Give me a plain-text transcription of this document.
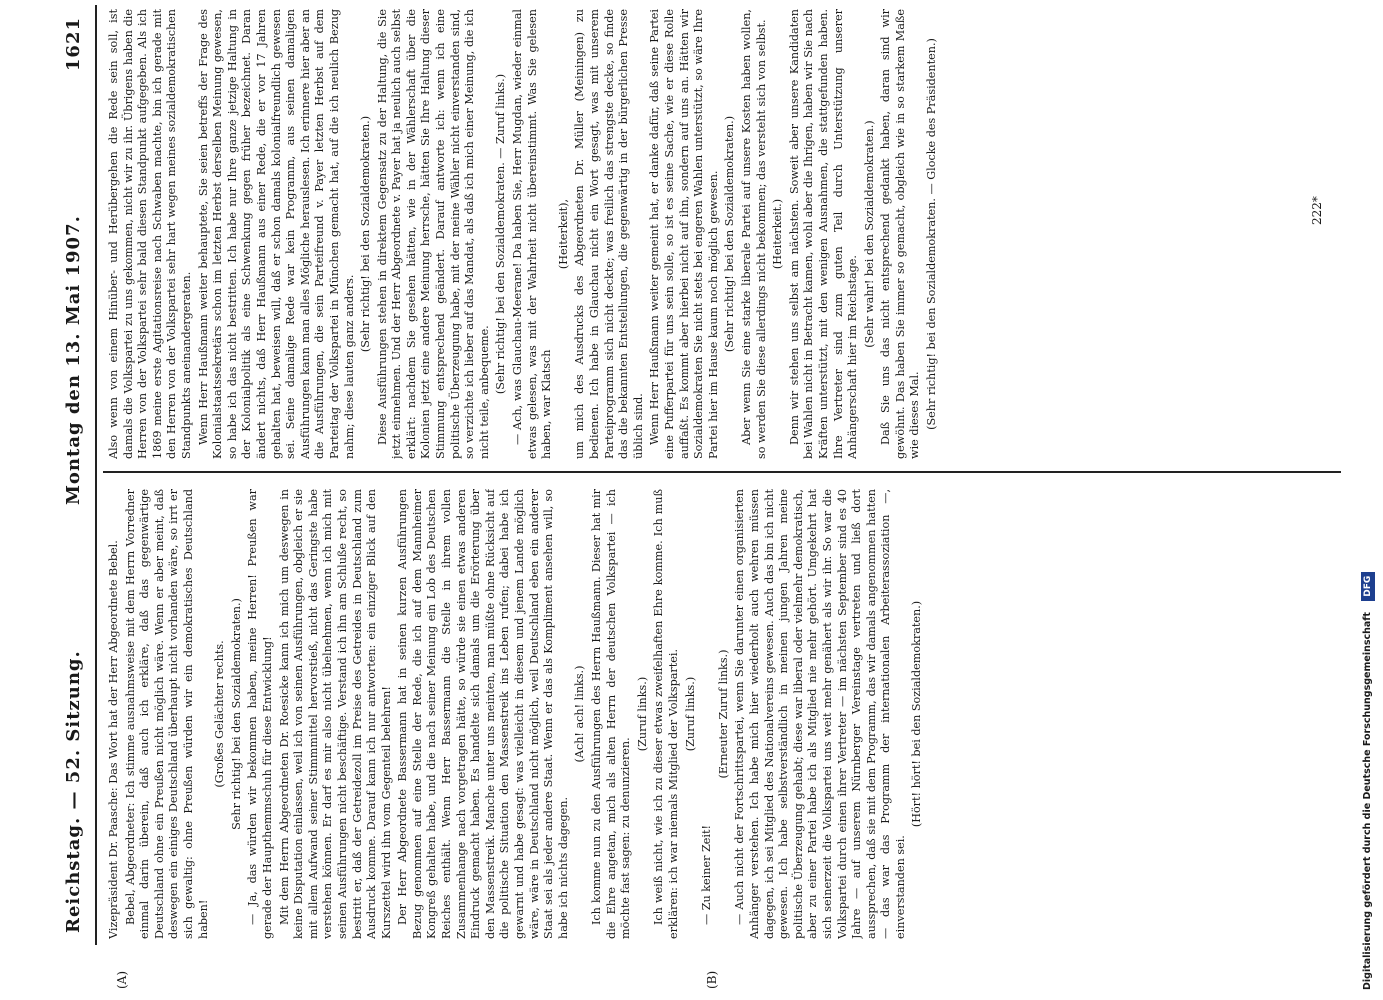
Reichstag. — 52. Sitzung.
Montag den 13. Mai 1907.
1621

Vizepräsident Dr. Paasche: Das Wort hat der Herr Abgeordnete Bebel. Bebel, Abgeordneter: Ich stimme ausnahmsweise mit dem Herrn Vorredner einmal darin überein, daß auch ich erkläre, daß das gegenwärtige Deutschland ohne ein Preußen nicht möglich wäre. Wenn er aber meint, daß deswegen ein einiges Deutschland überhaupt nicht vorhanden wäre, so irrt er sich gewaltig: ohne Preußen würden wir ein demokratisches Deutschland haben!

(Großes Gelächter rechts. Sehr richtig! bei den Sozialdemokraten.) — Ja, das würden wir bekommen haben, meine Herren! Preußen war gerade der Haupthemmschuh für diese Entwicklung! Mit dem Herrn Abgeordneten Dr. Roesicke kann ich mich um deswegen in keine Disputation einlassen, weil ich von seinen Ausführungen, obgleich er sie mit allem Aufwand seiner Stimmmittel hervorstieß, nicht das Geringste habe verstehen können. Er darf es mir also nicht übelnehmen, wenn ich mich mit seinen Ausführungen nicht beschäftige. Verstand ich ihn am Schluße recht, so bestritt er, daß der Getreidezoll im Preise des Getreides in Deutschland zum Ausdruck komme. Darauf kann ich nur antworten: ein einziger Blick auf den Kurszettel wird ihn vom Gegenteil belehren! Der Herr Abgeordnete Bassermann hat in seinen kurzen Ausführungen Bezug genommen auf eine Stelle der Rede, die ich auf dem Mannheimer Kongreß gehalten habe, und die nach seiner Meinung ein Lob des Deutschen Reiches enthält. Wenn Herr Bassermann die Stelle in ihrem vollen Zusammenhange nach vorgetragen hätte, so würde sie einen etwas anderen Eindruck gemacht haben. Es handelte sich damals um die Erörterung über den Massenstreik. Manche unter uns meinten, man müßte ohne Rücksicht auf die politische Situation den Massenstreik ins Leben rufen; dabei habe ich gewarnt und habe gesagt: was vielleicht in diesem und jenem Lande möglich wäre, wäre in Deutschland nicht möglich, weil Deutschland eben ein anderer Staat sei als jeder andere Staat. Wenn er das als Kompliment ansehen will, so habe ich nichts dagegen.

(Ach! ach! links.) Ich komme nun zu den Ausführungen des Herrn Haußmann. Dieser hat mir die Ehre angetan, mich als alten Herrn der deutschen Volkspartei — ich möchte fast sagen: zu denunzieren.

(Zuruf links.) Ich weiß nicht, wie ich zu dieser etwas zweifelhaften Ehre komme. Ich muß erklären: ich war niemals Mitglied der Volkspartei. (Zuruf links.)

— Zu keiner Zeit!

(Erneuter Zuruf links.) — Auch nicht der Fortschrittspartei, wenn Sie darunter einen organisierten Anhänger verstehen. Ich habe mich hier wiederholt auch wehren müssen dagegen, ich sei Mitglied des Nationalvereins gewesen. Auch das bin ich nicht gewesen. Ich habe selbstverständlich in meinen jungen Jahren meine politische Überzeugung gehabt; diese war liberal oder vielmehr demokratisch, aber zu einer Partei habe ich als Mitglied nie mehr gehört. Umgekehrt hat sich seinerzeit die Volkspartei uns weit mehr genähert als wir ihr. So war die Volkspartei durch einen ihrer Vertreter — im nächsten September sind es 40 Jahre — auf unserem Nürnberger Vereinstage vertreten und ließ dort aussprechen, daß sie mit dem Programm, das wir damals angenommen hatten — das war das Programm der internationalen Arbeiterassoziation —, einverstanden sei.

(Hört! hört! bei den Sozialdemokraten.)

Also wenn von einem Hinüber- und Herübergehen die Rede sein soll, ist damals die Volkspartei zu uns gekommen, nicht wir zu ihr. Übrigens haben die Herren von der Volkspartei sehr bald diesen Standpunkt aufgegeben. Als ich 1869 meine erste Agitationsreise nach Schwaben machte, bin ich gerade mit den Herren von der Volkspartei sehr hart wegen meines sozialdemokratischen Standpunkts aneinandergeraten. Wenn Herr Haußmann weiter behauptete, Sie seien betreffs der Frage des Kolonialstaatssekretärs schon im letzten Herbst derselben Meinung gewesen, so habe ich das nicht bestritten. Ich habe nur Ihre ganze jetzige Haltung in der Kolonialpolitik als eine Schwenkung gegen früher bezeichnet. Daran ändert nichts, daß Herr Haußmann aus einer Rede, die er vor 17 Jahren gehalten hat, beweisen will, daß er schon damals kolonialfreundlich gewesen sei. Seine damalige Rede war kein Programm, aus seinen damaligen Ausführungen kann man alles Mögliche herauslesen. Ich erinnere hier aber an die Ausführungen, die sein Parteifreund v. Payer letzten Herbst auf dem Parteitag der Volkspartei in München gemacht hat, auf die ich neulich Bezug nahm; diese lauten ganz anders.

(Sehr richtig! bei den Sozialdemokraten.) Diese Ausführungen stehen in direktem Gegensatz zu der Haltung, die Sie jetzt einnehmen. Und der Herr Abgeordnete v. Payer hat ja neulich auch selbst erklärt: nachdem Sie gesehen hätten, wie in der Wählerschaft über die Kolonien jetzt eine andere Meinung herrsche, hätten Sie Ihre Haltung dieser Stimmung entsprechend geändert. Darauf antworte ich: wenn ich eine politische Überzeugung habe, mit der meine Wähler nicht einverstanden sind, so verzichte ich lieber auf das Mandat, als daß ich mich einer Meinung, die ich nicht teile, anbequeme. (Sehr richtig! bei den Sozialdemokraten. — Zuruf links.) — Ach, was Glauchau-Meerane! Da haben Sie, Herr Mugdan, wieder einmal etwas gelesen, was mit der Wahrheit nicht übereinstimmt. Was Sie gelesen haben, war Klatsch

(Heiterkeit), um mich des Ausdrucks des Abgeordneten Dr. Müller (Meiningen) zu bedienen. Ich habe in Glauchau nicht ein Wort gesagt, was mit unserem Parteiprogramm sich nicht deckte; was freilich das strengste decke, so finde das die bekannten Entstellungen, die gegenwärtig in der bürgerlichen Presse üblich sind. Wenn Herr Haußmann weiter gemeint hat, er danke dafür, daß seine Partei eine Pufferpartei für uns sein solle, so ist es seine Sache, wie er diese Rolle auffaßt. Es kommt aber hierbei nicht auf ihn, sondern auf uns an. Hätten wir Sozialdemokraten Sie nicht stets bei engeren Wahlen unterstützt, so wäre Ihre Partei hier im Hause kaum noch möglich gewesen. (Sehr richtig! bei den Sozialdemokraten.) Aber wenn Sie eine starke liberale Partei auf unsere Kosten haben wollen, so werden Sie diese allerdings nicht bekommen; das versteht sich von selbst. (Heiterkeit.) Denn wir stehen uns selbst am nächsten. Soweit aber unsere Kandidaten bei Wahlen nicht in Betracht kamen, wohl aber die Ihrigen, haben wir Sie nach Kräften unterstützt, mit den wenigen Ausnahmen, die stattgefunden haben. Ihre Vertreter sind zum guten Teil durch Unterstützung unserer Anhängerschaft hier im Reichstage.

(Sehr wahr! bei den Sozialdemokraten.) Daß Sie uns das nicht entsprechend gedankt haben, daran sind wir gewöhnt. Das haben Sie immer so gemacht, obgleich wie in so starkem Maße wie dieses Mal. (Sehr richtig! bei den Sozialdemokraten. — Glocke des Präsidenten.)

(A)	(B)
222*
Digitalisierung gefördert durch die Deutsche Forschungsgemeinschaft DFG
